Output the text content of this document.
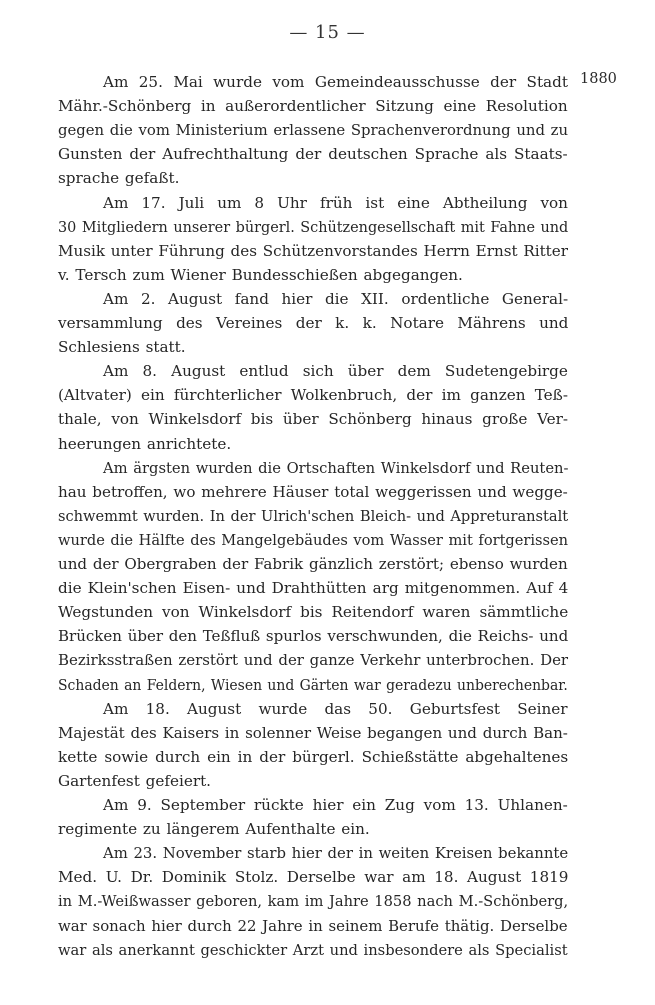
— 15 —
1880
Am 25. Mai wurde vom Gemeindeausschusse der Stadt
Mähr.-Schönberg in außerordentlicher Sitzung eine Resolution
gegen die vom Ministerium erlassene Sprachenverordnung und zu
Gunsten der Aufrechthaltung der deutschen Sprache als Staats-
sprache gefaßt.
Am 17. Juli um 8 Uhr früh ist eine Abtheilung von
30 Mitgliedern unserer bürgerl. Schützengesellschaft mit Fahne und
Musik unter Führung des Schützenvorstandes Herrn Ernst Ritter
v. Tersch zum Wiener Bundesschießen abgegangen.
Am 2. August fand hier die XII. ordentliche General-
versammlung des Vereines der k. k. Notare Mährens und
Schlesiens statt.
Am 8. August entlud sich über dem Sudetengebirge
(Altvater) ein fürchterlicher Wolkenbruch, der im ganzen Teß-
thale, von Winkelsdorf bis über Schönberg hinaus große Ver-
heerungen anrichtete.
Am ärgsten wurden die Ortschaften Winkelsdorf und Reuten-
hau betroffen, wo mehrere Häuser total weggerissen und wegge-
schwemmt wurden. In der Ulrich'schen Bleich- und Appreturanstalt
wurde die Hälfte des Mangelgebäudes vom Wasser mit fortgerissen
und der Obergraben der Fabrik gänzlich zerstört; ebenso wurden
die Klein'schen Eisen- und Drahthütten arg mitgenommen. Auf 4
Wegstunden von Winkelsdorf bis Reitendorf waren sämmtliche
Brücken über den Teßfluß spurlos verschwunden, die Reichs- und
Bezirksstraßen zerstört und der ganze Verkehr unterbrochen. Der
Schaden an Feldern, Wiesen und Gärten war geradezu unberechenbar.
Am 18. August wurde das 50. Geburtsfest Seiner
Majestät des Kaisers in solenner Weise begangen und durch Ban-
kette sowie durch ein in der bürgerl. Schießstätte abgehaltenes
Gartenfest gefeiert.
Am 9. September rückte hier ein Zug vom 13. Uhlanen-
regimente zu längerem Aufenthalte ein.
Am 23. November starb hier der in weiten Kreisen bekannte
Med. U. Dr. Dominik Stolz. Derselbe war am 18. August 1819
in M.-Weißwasser geboren, kam im Jahre 1858 nach M.-Schönberg,
war sonach hier durch 22 Jahre in seinem Berufe thätig. Derselbe
war als anerkannt geschickter Arzt und insbesondere als Specialist
